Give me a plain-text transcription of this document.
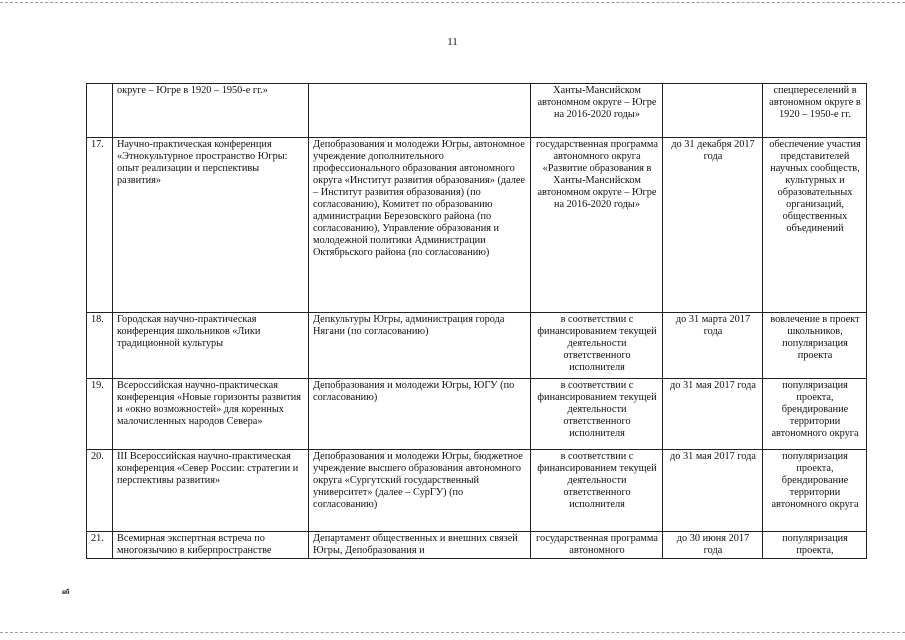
11
	округе – Югре в 1920 – 1950-е гг.»		Ханты-Мансийском автономном округе – Югре на 2016-2020 годы»		спецпереселений в автономном округе в 1920 – 1950-е гг.
17.	Научно-практическая конференция «Этнокультурное пространство Югры: опыт реализации и перспективы развития»	Депобразования и молодежи Югры, автономное учреждение дополнительного профессионального образования автономного округа «Институт развития образования» (далее – Институт развития образования) (по согласованию), Комитет по образованию администрации Березовского района (по согласованию), Управление образования и молодежной политики Администрации Октябрьского района (по согласованию)	государственная программа автономного округа «Развитие образования в Ханты-Мансийском автономном округе – Югре на 2016-2020 годы»	до 31 декабря 2017 года	обеспечение участия представителей научных сообществ, культурных и образовательных организаций, общественных объединений
18.	Городская научно-практическая конференция школьников «Лики традиционной культуры	Депкультуры Югры, администрация города Нягани (по согласованию)	в соответствии с финансированием текущей деятельности ответственного исполнителя	до 31 марта 2017 года	вовлечение в проект школьников, популяризация проекта
19.	Всероссийская научно-практическая конференция «Новые горизонты развития и «окно возможностей» для коренных малочисленных народов Севера»	Депобразования и молодежи Югры, ЮГУ (по согласованию)	в соответствии с финансированием текущей деятельности ответственного исполнителя	до 31 мая 2017 года	популяризация проекта, брендирование территории автономного округа
20.	III Всероссийская научно-практическая конференция «Север России: стратегии и перспективы развития»	Депобразования и молодежи Югры, бюджетное учреждение высшего образования автономного округа «Сургутский государственный университет» (далее – СурГУ) (по согласованию)	в соответствии с финансированием текущей деятельности ответственного исполнителя	до 31 мая 2017 года	популяризация проекта, брендирование территории автономного округа
21.	Всемирная экспертная встреча по многоязычию в киберпространстве	Департамент общественных и внешних связей Югры, Депобразования и	государственная программа автономного	до 30 июня 2017 года	популяризация проекта,
нб
